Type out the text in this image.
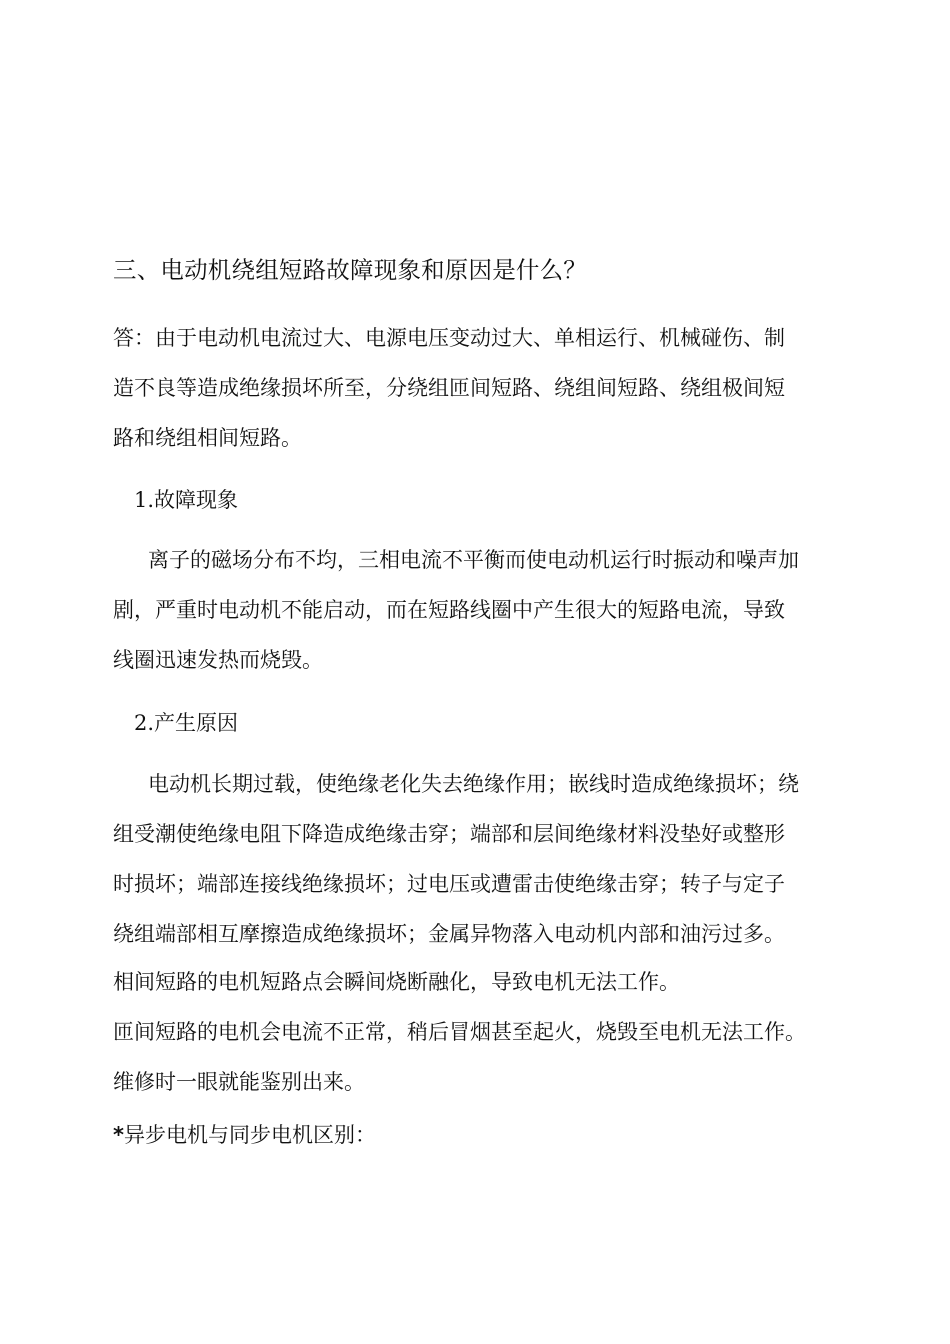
三、电动机绕组短路故障现象和原因是什么？
答：由于电动机电流过大、电源电压变动过大、单相运行、机械碰伤、制
造不良等造成绝缘损坏所至，分绕组匝间短路、绕组间短路、绕组极间短
路和绕组相间短路。
1.故障现象
离子的磁场分布不均，三相电流不平衡而使电动机运行时振动和噪声加
剧，严重时电动机不能启动，而在短路线圈中产生很大的短路电流，导致
线圈迅速发热而烧毁。
2.产生原因
电动机长期过载，使绝缘老化失去绝缘作用；嵌线时造成绝缘损坏；绕
组受潮使绝缘电阻下降造成绝缘击穿；端部和层间绝缘材料没垫好或整形
时损坏；端部连接线绝缘损坏；过电压或遭雷击使绝缘击穿；转子与定子
绕组端部相互摩擦造成绝缘损坏；金属异物落入电动机内部和油污过多。
相间短路的电机短路点会瞬间烧断融化，导致电机无法工作。
匝间短路的电机会电流不正常，稍后冒烟甚至起火，烧毁至电机无法工作。
维修时一眼就能鉴别出来。
*异步电机与同步电机区别：
